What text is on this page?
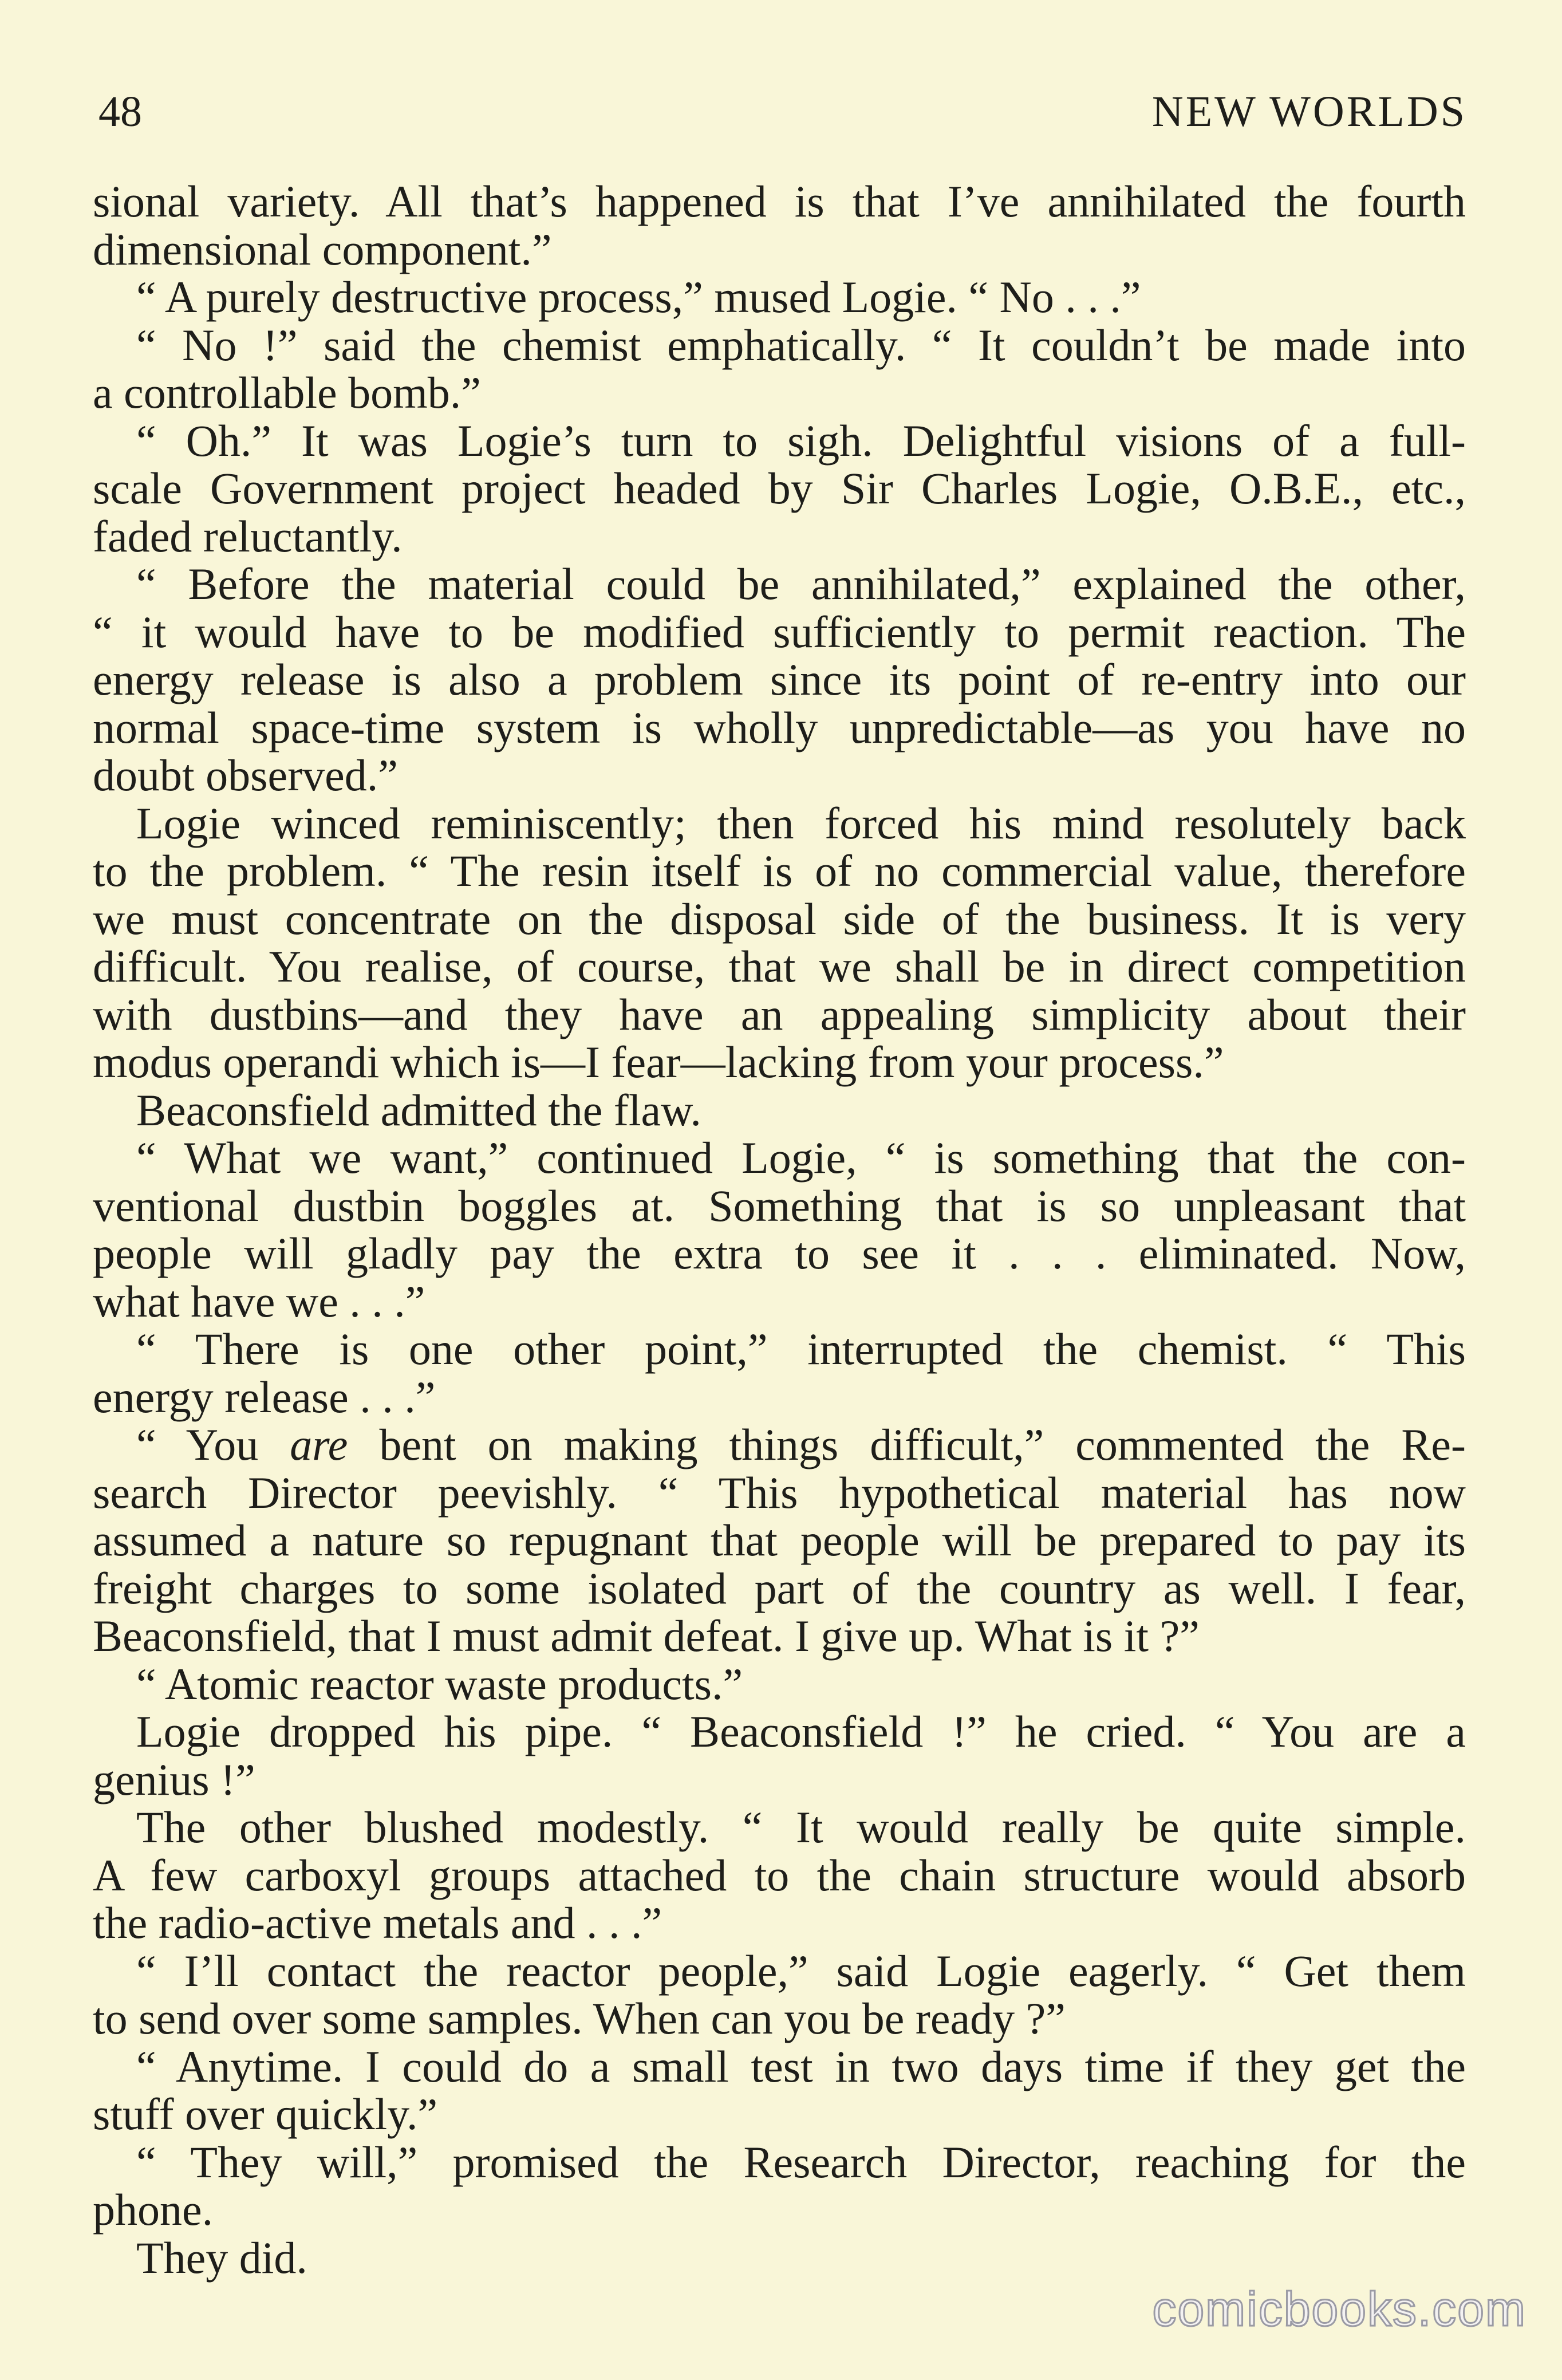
48	NEW WORLDS
sional variety. All that’s happened is that I’ve annihilated the fourth
dimensional component.”
“ A purely destructive process,” mused Logie. “ No . . .”
“ No !” said the chemist emphatically. “ It couldn’t be made into
a controllable bomb.”
“ Oh.” It was Logie’s turn to sigh. Delightful visions of a full-
scale Government project headed by Sir Charles Logie, O.B.E., etc.,
faded reluctantly.
“ Before the material could be annihilated,” explained the other,
“ it would have to be modified sufficiently to permit reaction. The
energy release is also a problem since its point of re-entry into our
normal space-time system is wholly unpredictable—as you have no
doubt observed.”
Logie winced reminiscently; then forced his mind resolutely back
to the problem. “ The resin itself is of no commercial value, therefore
we must concentrate on the disposal side of the business. It is very
difficult. You realise, of course, that we shall be in direct competition
with dustbins—and they have an appealing simplicity about their
modus operandi which is—I fear—lacking from your process.”
Beaconsfield admitted the flaw.
“ What we want,” continued Logie, “ is something that the con-
ventional dustbin boggles at. Something that is so unpleasant that
people will gladly pay the extra to see it . . . eliminated. Now,
what have we . . .”
“ There is one other point,” interrupted the chemist. “ This
energy release . . .”
“ You are bent on making things difficult,” commented the Re-
search Director peevishly. “ This hypothetical material has now
assumed a nature so repugnant that people will be prepared to pay its
freight charges to some isolated part of the country as well. I fear,
Beaconsfield, that I must admit defeat. I give up. What is it ?”
“ Atomic reactor waste products.”
Logie dropped his pipe. “ Beaconsfield !” he cried. “ You are a
genius !”
The other blushed modestly. “ It would really be quite simple.
A few carboxyl groups attached to the chain structure would absorb
the radio-active metals and . . .”
“ I’ll contact the reactor people,” said Logie eagerly. “ Get them
to send over some samples. When can you be ready ?”
“ Anytime. I could do a small test in two days time if they get the
stuff over quickly.”
“ They will,” promised the Research Director, reaching for the
phone.
They did.
comicbooks.com
